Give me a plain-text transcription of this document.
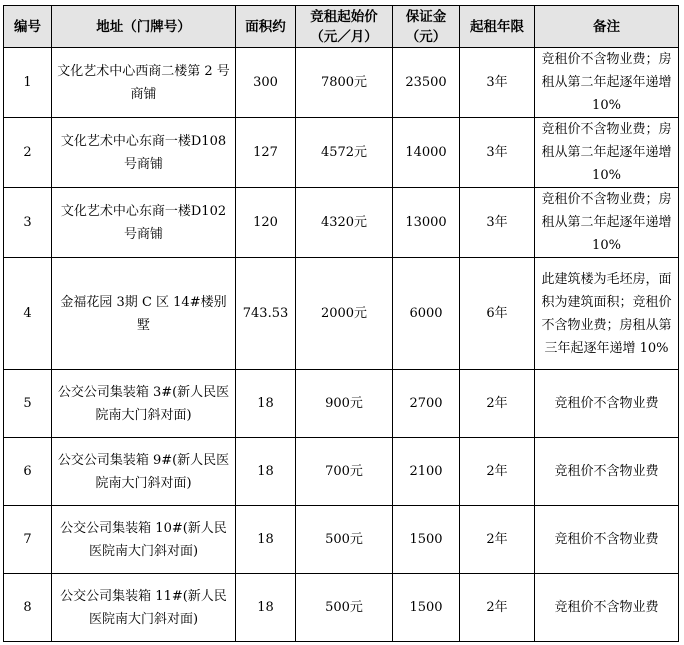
编号	地址（门牌号）	面积约	竞租起始价（元／月）	保证金（元）	起租年限	备注
1	文化艺术中心西商二楼第 2 号商铺	300	7800元	23500	3年	竞租价不含物业费；房租从第二年起逐年递增 10%
2	文化艺术中心东商一楼D108 号商铺	127	4572元	14000	3年	竞租价不含物业费；房租从第二年起逐年递增 10%
3	文化艺术中心东商一楼D102 号商铺	120	4320元	13000	3年	竞租价不含物业费；房租从第二年起逐年递增 10%
4	金福花园 3期 C 区 14#楼别墅	743.53	2000元	6000	6年	此建筑楼为毛坯房，面积为建筑面积；竞租价不含物业费；房租从第三年起逐年递增 10%
5	公交公司集装箱 3#(新人民医院南大门斜对面)	18	900元	2700	2年	竞租价不含物业费
6	公交公司集装箱 9#(新人民医院南大门斜对面)	18	700元	2100	2年	竞租价不含物业费
7	公交公司集装箱 10#(新人民医院南大门斜对面)	18	500元	1500	2年	竞租价不含物业费
8	公交公司集装箱 11#(新人民医院南大门斜对面)	18	500元	1500	2年	竞租价不含物业费
